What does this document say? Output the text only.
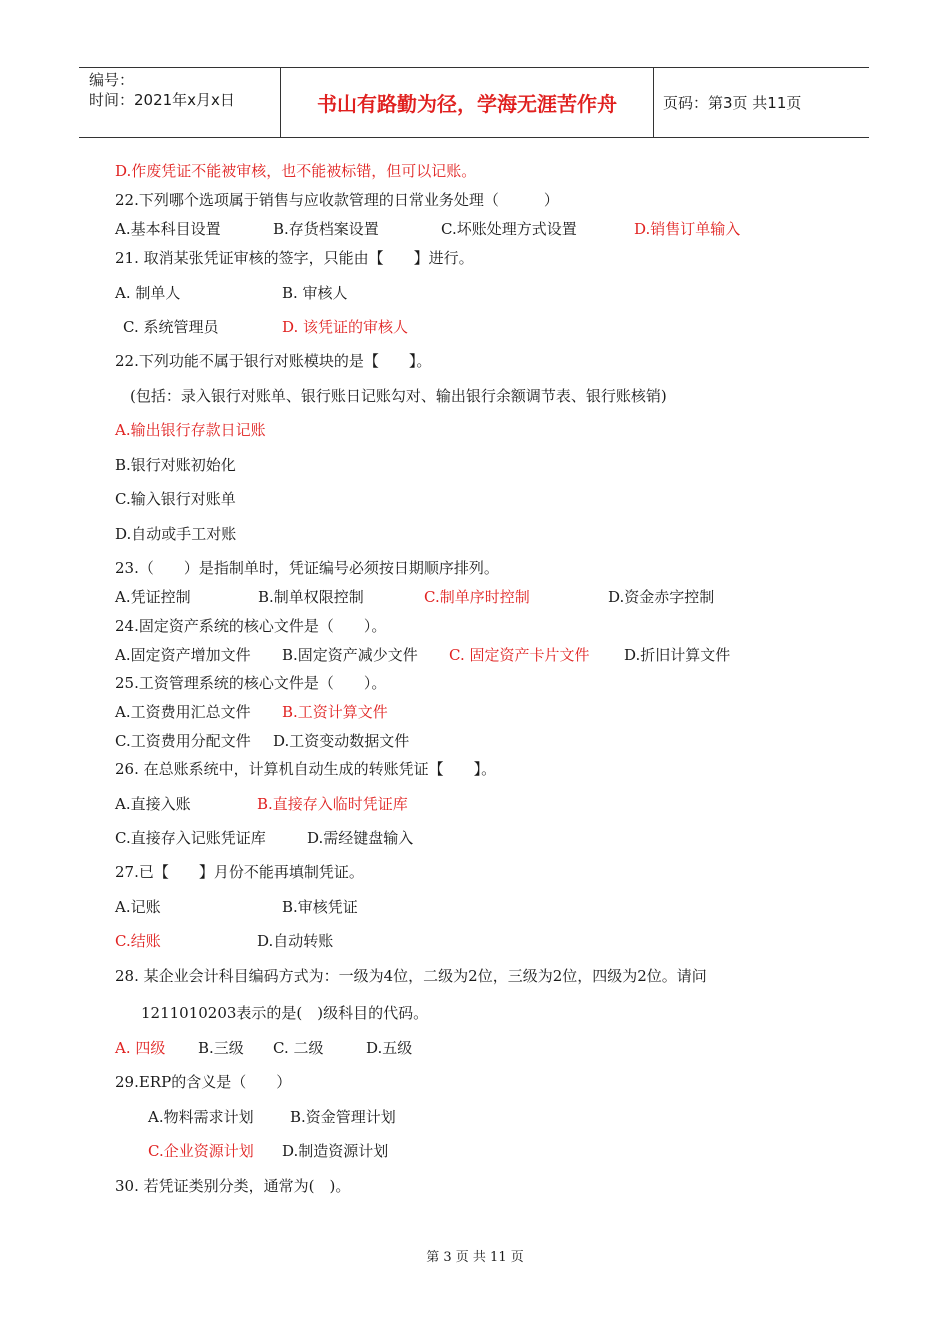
编号：
时间：2021年x月x日	书山有路勤为径，学海无涯苦作舟	页码：第3页 共11页
D.作废凭证不能被审核，也不能被标错，但可以记账。
22.下列哪个选项属于销售与应收款管理的日常业务处理（　　　）
A.基本科目设置	B.存货档案设置	C.坏账处理方式设置	D.销售订单输入
21. 取消某张凭证审核的签字，只能由【　　】进行。
A. 制单人	B. 审核人
C. 系统管理员	D. 该凭证的审核人
22.下列功能不属于银行对账模块的是【　　】。
(包括：录入银行对账单、银行账日记账勾对、输出银行余额调节表、银行账核销)
A.输出银行存款日记账
B.银行对账初始化
C.输入银行对账单
D.自动或手工对账
23.（　　）是指制单时，凭证编号必须按日期顺序排列。
A.凭证控制	B.制单权限控制	C.制单序时控制	D.资金赤字控制
24.固定资产系统的核心文件是（　　）。
A.固定资产增加文件 B.固定资产减少文件 C. 固定资产卡片文件 D.折旧计算文件
25.工资管理系统的核心文件是（　　）。
A.工资费用汇总文件 B.工资计算文件
C.工资费用分配文件 D.工资变动数据文件
26. 在总账系统中，计算机自动生成的转账凭证【　　】。
A.直接入账	B.直接存入临时凭证库
C.直接存入记账凭证库	D.需经键盘输入
27.已【　　】月份不能再填制凭证。
A.记账	B.审核凭证
C.结账	D.自动转账
28. 某企业会计科目编码方式为：一级为4位，二级为2位，三级为2位，四级为2位。请问
1211010203表示的是(　)级科目的代码。
A. 四级 B.三级 C. 二级	D.五级
29.ERP的含义是（　　）
A.物料需求计划 B.资金管理计划
C.企业资源计划 D.制造资源计划
30. 若凭证类别分类，通常为(　)。
第 3 页 共 11 页
